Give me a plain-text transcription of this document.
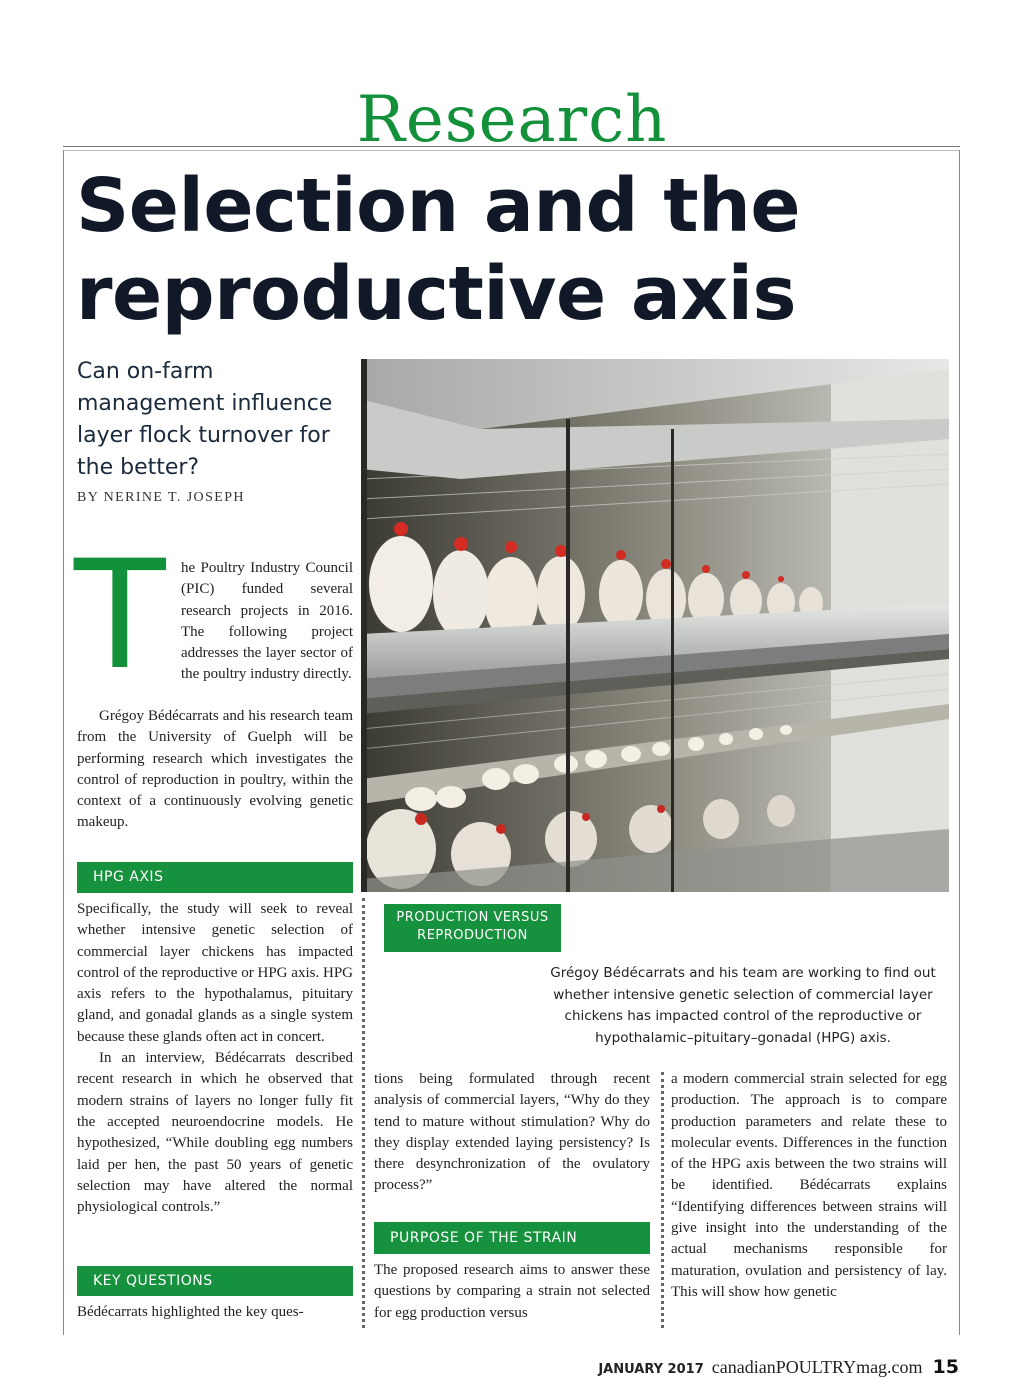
Research
Selection and the reproductive axis
Can on-farm management influence layer flock turnover for the better?
BY NERINE T. JOSEPH
T he Poultry Industry Council (PIC) funded several research projects in 2016. The following project addresses the layer sector of the poultry industry directly.

Grégoy Bédécarrats and his research team from the University of Guelph will be performing research which investigates the control of reproduction in poultry, within the context of a continuously evolving genetic makeup.

HPG AXIS

Specifically, the study will seek to reveal whether intensive genetic selection of commercial layer chickens has impacted control of the reproductive or HPG axis. HPG axis refers to the hypothalamus, pituitary gland, and gonadal glands as a single system because these glands often act in concert.

In an interview, Bédécarrats described recent research in which he observed that modern strains of layers no longer fully fit the accepted neuroendocrine models. He hypothesized, “While doubling egg numbers laid per hen, the past 50 years of genetic selection may have altered the normal physiological controls.”

KEY QUESTIONS
Bédécarrats highlighted the key ques-
PRODUCTION VERSUS REPRODUCTION
Grégoy Bédécarrats and his team are working to find out whether intensive genetic selection of commercial layer chickens has impacted control of the reproductive or hypothalamic–pituitary–gonadal (HPG) axis.
tions being formulated through recent analysis of commercial layers, “Why do they tend to mature without stimulation? Why do they display extended laying persistency? Is there desynchronization of the ovulatory process?”
PURPOSE OF THE STRAIN
The proposed research aims to answer these questions by comparing a strain not selected for egg production versus
a modern commercial strain selected for egg production. The approach is to compare production parameters and relate these to molecular events. Differences in the function of the HPG axis between the two strains will be identified. Bédécarrats explains “Identifying differences between strains will give insight into the understanding of the actual mechanisms responsible for maturation, ovulation and persistency of lay. This will show how genetic
JANUARY 2017 canadianPOULTRYmag.com 15
